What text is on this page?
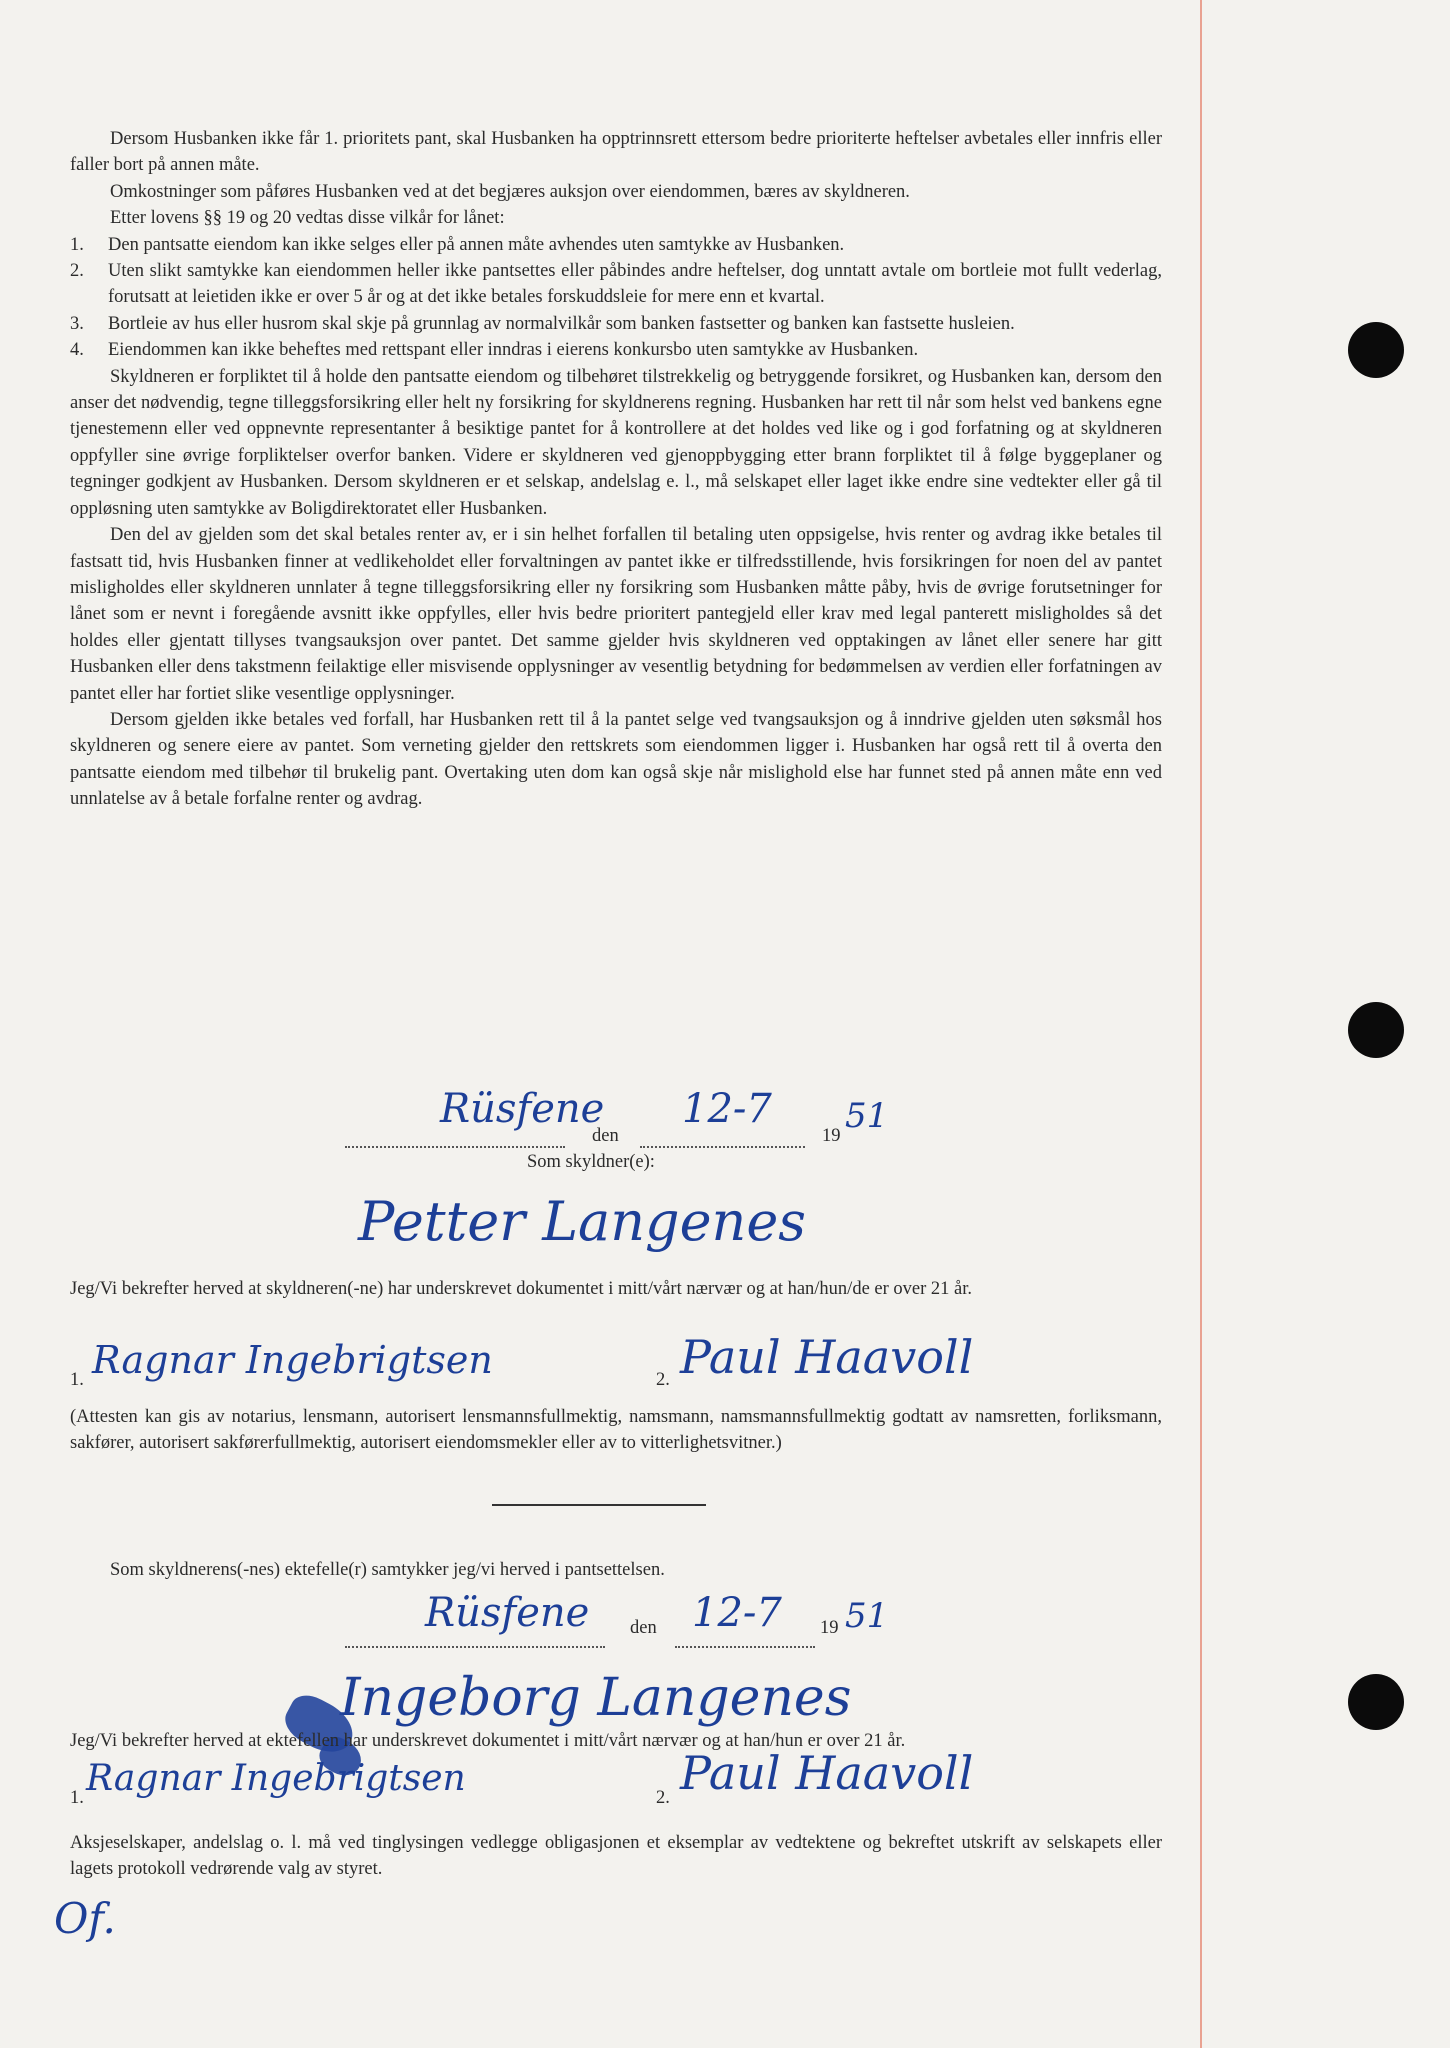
Dersom Husbanken ikke får 1. prioritets pant, skal Husbanken ha opptrinnsrett ettersom bedre prioriterte heftelser avbetales eller innfris eller faller bort på annen måte.

Omkostninger som påføres Husbanken ved at det begjæres auksjon over eiendommen, bæres av skyldneren.

Etter lovens §§ 19 og 20 vedtas disse vilkår for lånet:

1.	Den pantsatte eiendom kan ikke selges eller på annen måte avhendes uten samtykke av Husbanken.
2.	Uten slikt samtykke kan eiendommen heller ikke pantsettes eller påbindes andre heftelser, dog unntatt avtale om bortleie mot fullt vederlag, forutsatt at leietiden ikke er over 5 år og at det ikke betales forskuddsleie for mere enn et kvartal.
3.	Bortleie av hus eller husrom skal skje på grunnlag av normalvilkår som banken fastsetter og banken kan fastsette husleien.
4.	Eiendommen kan ikke beheftes med rettspant eller inndras i eierens konkursbo uten samtykke av Husbanken.

Skyldneren er forpliktet til å holde den pantsatte eiendom og tilbehøret tilstrekkelig og betryggende forsikret, og Husbanken kan, dersom den anser det nødvendig, tegne tilleggsforsikring eller helt ny forsikring for skyldnerens regning. Husbanken har rett til når som helst ved bankens egne tjenestemenn eller ved oppnevnte representanter å besiktige pantet for å kontrollere at det holdes ved like og i god forfatning og at skyldneren oppfyller sine øvrige forpliktelser overfor banken. Videre er skyldneren ved gjenoppbygging etter brann forpliktet til å følge byggeplaner og tegninger godkjent av Husbanken. Dersom skyldneren er et selskap, andelslag e. l., må selskapet eller laget ikke endre sine vedtekter eller gå til oppløsning uten samtykke av Boligdirektoratet eller Husbanken.

Den del av gjelden som det skal betales renter av, er i sin helhet forfallen til betaling uten oppsigelse, hvis renter og avdrag ikke betales til fastsatt tid, hvis Husbanken finner at vedlikeholdet eller forvaltningen av pantet ikke er tilfredsstillende, hvis forsikringen for noen del av pantet misligholdes eller skyldneren unnlater å tegne tilleggsforsikring eller ny forsikring som Husbanken måtte påby, hvis de øvrige forutsetninger for lånet som er nevnt i foregående avsnitt ikke oppfylles, eller hvis bedre prioritert pantegjeld eller krav med legal panterett misligholdes så det holdes eller gjentatt tillyses tvangsauksjon over pantet. Det samme gjelder hvis skyldneren ved opptakingen av lånet eller senere har gitt Husbanken eller dens takstmenn feilaktige eller misvisende opplysninger av vesentlig betydning for bedømmelsen av verdien eller forfatningen av pantet eller har fortiet slike vesentlige opplysninger.

Dersom gjelden ikke betales ved forfall, har Husbanken rett til å la pantet selge ved tvangsauksjon og å inndrive gjelden uten søksmål hos skyldneren og senere eiere av pantet. Som verneting gjelder den rettskrets som eiendommen ligger i. Husbanken har også rett til å overta den pantsatte eiendom med tilbehør til brukelig pant. Overtaking uten dom kan også skje når mislighold else har funnet sted på annen måte enn ved unnlatelse av å betale forfalne renter og avdrag.

Rüsfene
den
12-7
19 51
Som skyldner(e):
Petter Langenes
Jeg/Vi bekrefter herved at skyldneren(-ne) har underskrevet dokumentet i mitt/vårt nærvær og at han/hun/de er over 21 år.
1. Ragnar Ingebrigtsen	2. Paul Haavoll
(Attesten kan gis av notarius, lensmann, autorisert lensmannsfullmektig, namsmann, namsmannsfullmektig godtatt av namsretten, forliksmann, sakfører, autorisert sakførerfullmektig, autorisert eiendomsmekler eller av to vitterlighetsvitner.)
Som skyldnerens(-nes) ektefelle(r) samtykker jeg/vi herved i pantsettelsen.
Rüsfene den 12-7 19 51
Ingeborg Langenes
Jeg/Vi bekrefter herved at ektefellen har underskrevet dokumentet i mitt/vårt nærvær og at han/hun er over 21 år.
1. Ragnar Ingebrigtsen	2. Paul Haavoll
Aksjeselskaper, andelslag o. l. må ved tinglysingen vedlegge obligasjonen et eksemplar av vedtektene og bekreftet utskrift av selskapets eller lagets protokoll vedrørende valg av styret.
Of.
